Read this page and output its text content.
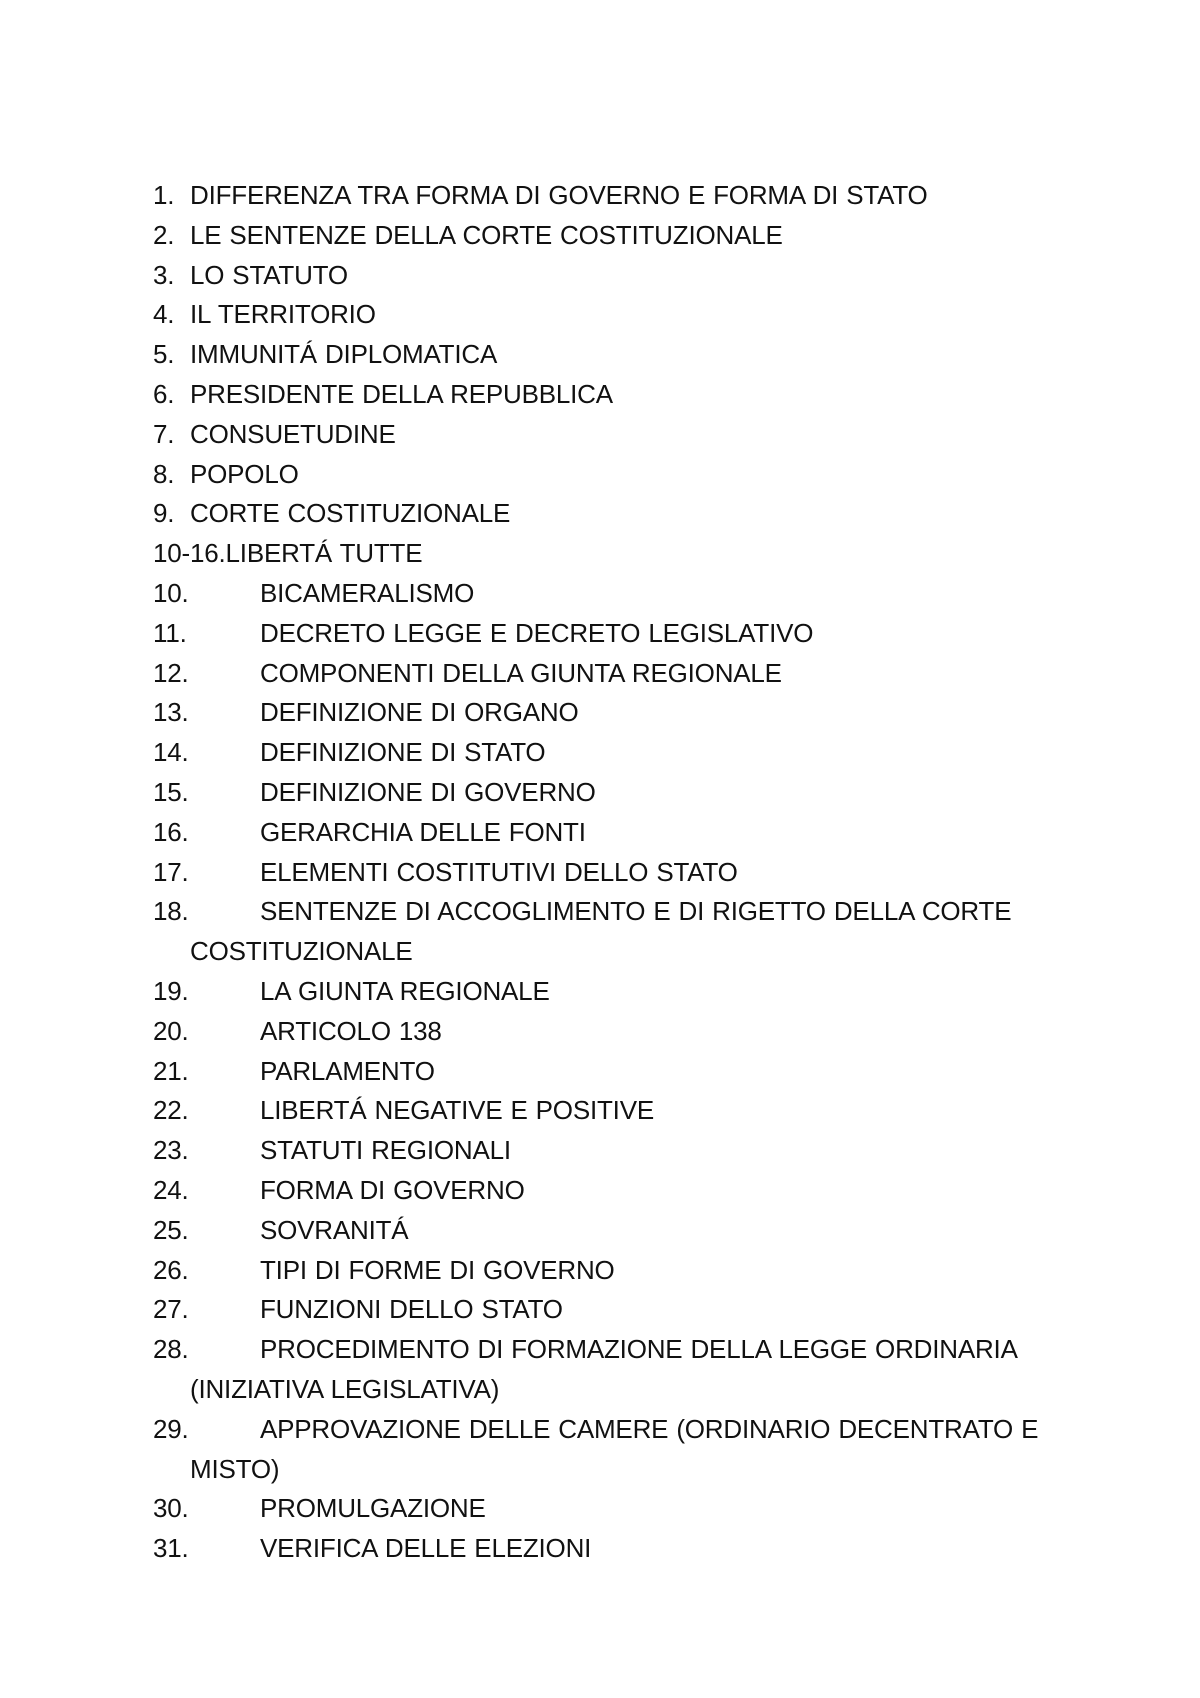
1. DIFFERENZA TRA FORMA DI GOVERNO E FORMA DI STATO
2. LE SENTENZE DELLA CORTE COSTITUZIONALE
3. LO STATUTO
4. IL TERRITORIO
5. IMMUNITÁ DIPLOMATICA
6. PRESIDENTE DELLA REPUBBLICA
7. CONSUETUDINE
8. POPOLO
9. CORTE COSTITUZIONALE
10-16.LIBERTÁ TUTTE
10.	BICAMERALISMO
11.	DECRETO LEGGE E DECRETO LEGISLATIVO
12.	COMPONENTI DELLA GIUNTA REGIONALE
13.	DEFINIZIONE DI ORGANO
14.	DEFINIZIONE DI STATO
15.	DEFINIZIONE DI GOVERNO
16.	GERARCHIA DELLE FONTI
17.	ELEMENTI COSTITUTIVI DELLO STATO
18.	SENTENZE DI ACCOGLIMENTO E DI RIGETTO DELLA CORTE
COSTITUZIONALE
19.	LA GIUNTA REGIONALE
20.	ARTICOLO 138
21.	PARLAMENTO
22.	LIBERTÁ NEGATIVE E POSITIVE
23.	STATUTI REGIONALI
24.	FORMA DI GOVERNO
25.	SOVRANITÁ
26.	TIPI DI FORME DI GOVERNO
27.	FUNZIONI DELLO STATO
28.	PROCEDIMENTO DI FORMAZIONE DELLA LEGGE ORDINARIA
(INIZIATIVA LEGISLATIVA)
29.	APPROVAZIONE DELLE CAMERE (ORDINARIO DECENTRATO E
MISTO)
30.	PROMULGAZIONE
31.	VERIFICA DELLE ELEZIONI
